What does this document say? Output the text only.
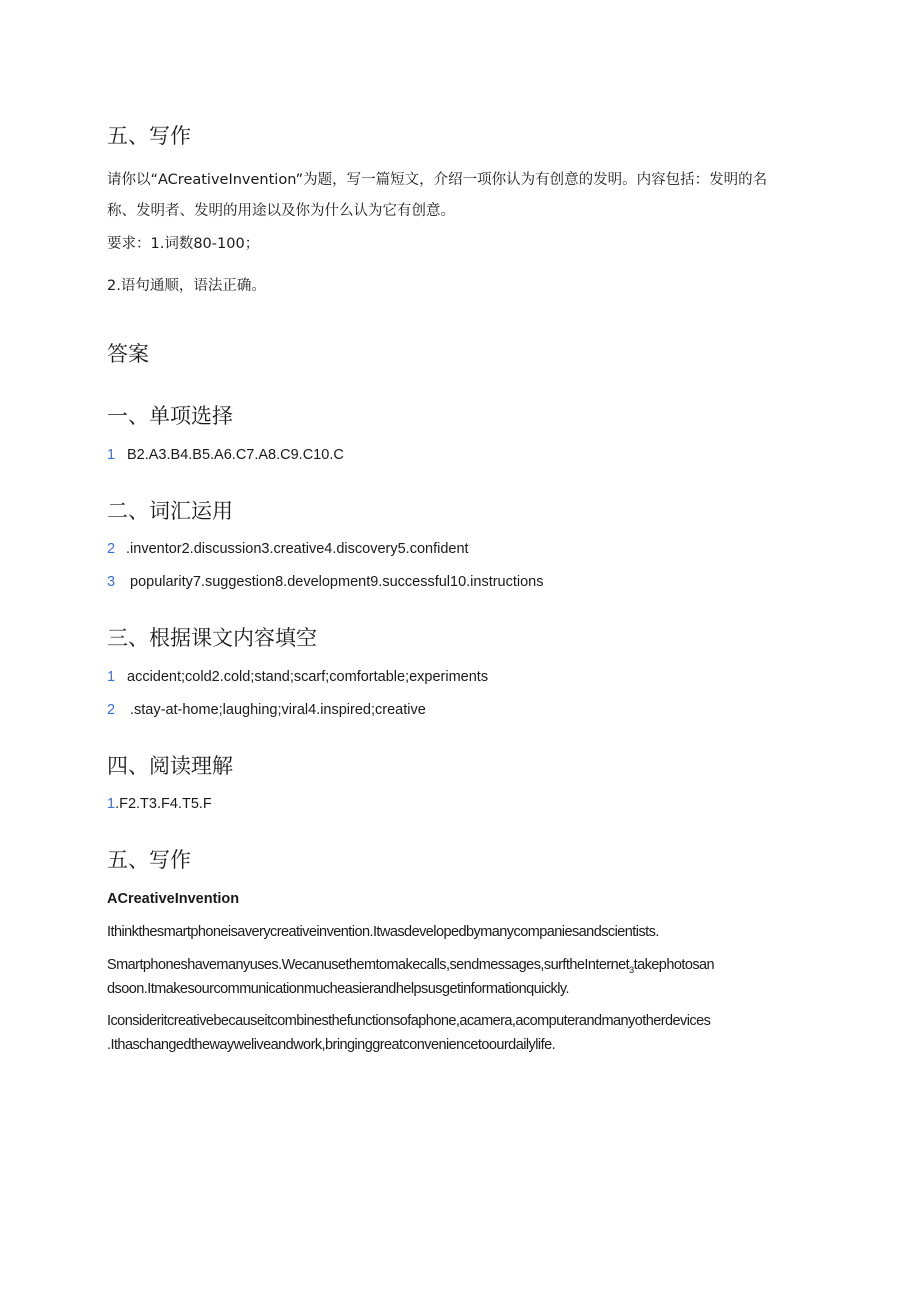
五、写作
请你以“ACreativeInvention”为题，写一篇短文，介绍一项你认为有创意的发明。内容包括：发明的名
称、发明者、发明的用途以及你为什么认为它有创意。
要求：1.词数80-100；
2.语句通顺，语法正确。
答案
一、单项选择
1 B2.A3.B4.B5.A6.C7.A8.C9.C10.C
二、词汇运用
2 .inventor2.discussion3.creative4.discovery5.confident
3 popularity7.suggestion8.development9.successful10.instructions
三、根据课文内容填空
1 accident;cold2.cold;stand;scarf;comfortable;experiments
2 .stay-at-home;laughing;viral4.inspired;creative
四、阅读理解
1.F2.T3.F4.T5.F
五、写作
ACreativeInvention
Ithinkthesmartphoneisaverycreativeinvention.Itwasdevelopedbymanycompaniesandscientists.
Smartphoneshavemanyuses.Wecanusethemtomakecalls,sendmessages,surftheInternet$_3$takephotosan
dsoon.Itmakesourcommunicationmucheasierandhelpsusgetinformationquickly.
Iconsideritcreativebecauseitcombinesthefunctionsofaphone,acamera,acomputerandmanyotherdevices
.Ithaschangedthewayweliveandwork,bringinggreatconveniencetoourdailylife.
